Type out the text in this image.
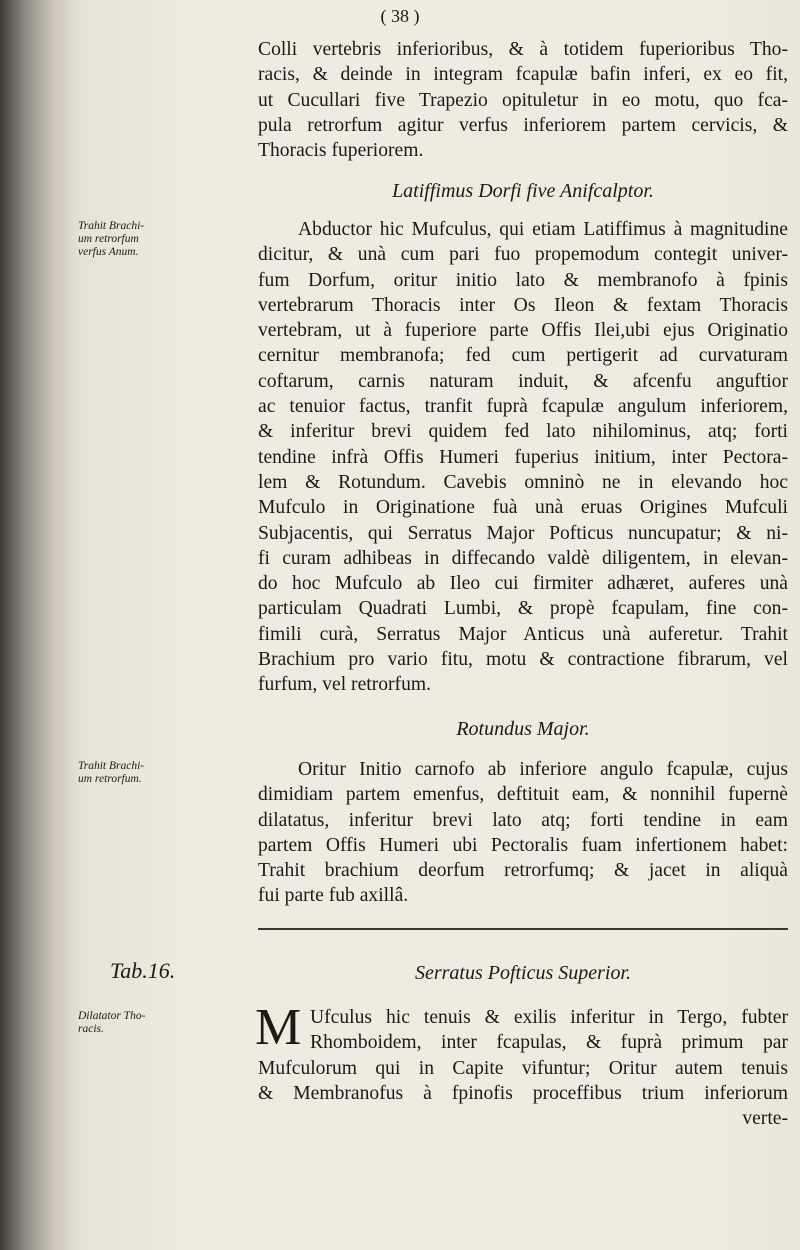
( 38 )
Colli vertebris inferioribus, & à totidem fuperioribus Tho-
racis, & deinde in integram fcapulæ bafin inferi, ex eo fit,
ut Cucullari five Trapezio opituletur in eo motu, quo fca-
pula retrorfum agitur verfus inferiorem partem cervicis, &
Thoracis fuperiorem.
Latiffimus Dorfi five Anifcalptor.
Trahit Brachi-
um retrorfum
verfus Anum.
Abductor hic Mufculus, qui etiam Latiffimus à magnitudine
dicitur, & unà cum pari fuo propemodum contegit univer-
fum Dorfum, oritur initio lato & membranofo à fpinis
vertebrarum Thoracis inter Os Ileon & fextam Thoracis
vertebram, ut à fuperiore parte Offis Ilei,ubi ejus Originatio
cernitur membranofa; fed cum pertigerit ad curvaturam
coftarum, carnis naturam induit, & afcenfu anguftior
ac tenuior factus, tranfit fuprà fcapulæ angulum inferiorem,
& inferitur brevi quidem fed lato nihilominus, atq; forti
tendine infrà Offis Humeri fuperius initium, inter Pectora-
lem & Rotundum. Cavebis omninò ne in elevando hoc
Mufculo in Originatione fuà unà eruas Origines Mufculi
Subjacentis, qui Serratus Major Pofticus nuncupatur; & ni-
fi curam adhibeas in diffecando valdè diligentem, in elevan-
do hoc Mufculo ab Ileo cui firmiter adhæret, auferes unà
particulam Quadrati Lumbi, & propè fcapulam, fine con-
fimili curà, Serratus Major Anticus unà auferetur. Trahit
Brachium pro vario fitu, motu & contractione fibrarum, vel
furfum, vel retrorfum.
Rotundus Major.
Trahit Brachi-
um retrorfum.	Oritur Initio carnofo ab inferiore angulo fcapulæ, cujus
dimidiam partem emenfus, deftituit eam, & nonnihil fupernè
dilatatus, inferitur brevi lato atq; forti tendine in eam
partem Offis Humeri ubi Pectoralis fuam infertionem habet:
Trahit brachium deorfum retrorfumq; & jacet in aliquà
fui parte fub axillâ.
Tab.16.	Serratus Pofticus Superior.
Dilatator Tho-
racis.	M Ufculus hic tenuis & exilis inferitur in Tergo, fubter
Rhomboidem, inter fcapulas, & fuprà primum par
Mufculorum qui in Capite vifuntur; Oritur autem tenuis
& Membranofus à fpinofis proceffibus trium inferiorum
verte-
